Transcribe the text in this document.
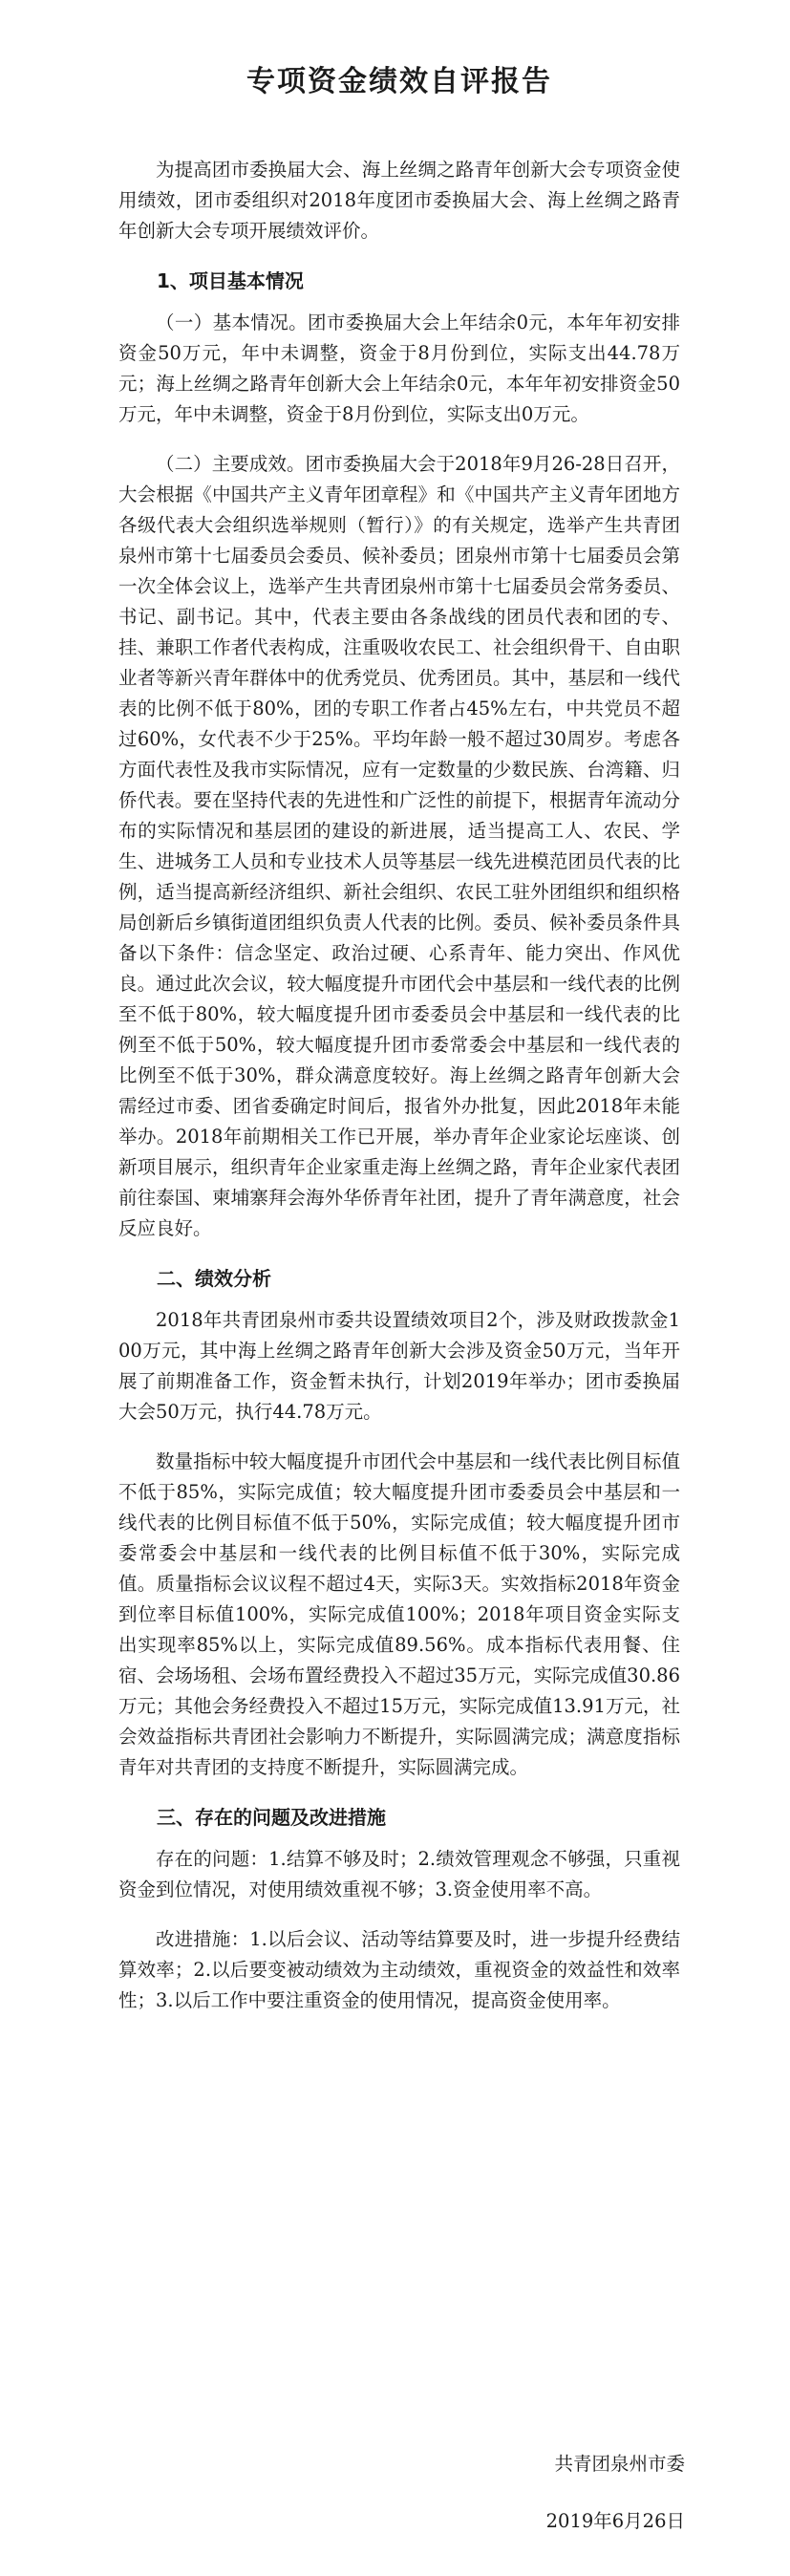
专项资金绩效自评报告

为提高团市委换届大会、海上丝绸之路青年创新大会专项资金使用绩效，团市委组织对2018年度团市委换届大会、海上丝绸之路青年创新大会专项开展绩效评价。

1、项目基本情况

（一）基本情况。团市委换届大会上年结余0元，本年年初安排资金50万元，年中未调整，资金于8月份到位，实际支出44.78万元；海上丝绸之路青年创新大会上年结余0元，本年年初安排资金50万元，年中未调整，资金于8月份到位，实际支出0万元。

（二）主要成效。团市委换届大会于2018年9月26-28日召开，大会根据《中国共产主义青年团章程》和《中国共产主义青年团地方各级代表大会组织选举规则（暂行）》的有关规定，选举产生共青团泉州市第十七届委员会委员、候补委员；团泉州市第十七届委员会第一次全体会议上，选举产生共青团泉州市第十七届委员会常务委员、书记、副书记。其中，代表主要由各条战线的团员代表和团的专、挂、兼职工作者代表构成，注重吸收农民工、社会组织骨干、自由职业者等新兴青年群体中的优秀党员、优秀团员。其中，基层和一线代表的比例不低于80%，团的专职工作者占45%左右，中共党员不超过60%，女代表不少于25%。平均年龄一般不超过30周岁。考虑各方面代表性及我市实际情况，应有一定数量的少数民族、台湾籍、归侨代表。要在坚持代表的先进性和广泛性的前提下，根据青年流动分布的实际情况和基层团的建设的新进展，适当提高工人、农民、学生、进城务工人员和专业技术人员等基层一线先进模范团员代表的比例，适当提高新经济组织、新社会组织、农民工驻外团组织和组织格局创新后乡镇街道团组织负责人代表的比例。委员、候补委员条件具备以下条件：信念坚定、政治过硬、心系青年、能力突出、作风优良。通过此次会议，较大幅度提升市团代会中基层和一线代表的比例至不低于80%，较大幅度提升团市委委员会中基层和一线代表的比例至不低于50%，较大幅度提升团市委常委会中基层和一线代表的比例至不低于30%，群众满意度较好。海上丝绸之路青年创新大会需经过市委、团省委确定时间后，报省外办批复，因此2018年未能举办。2018年前期相关工作已开展，举办青年企业家论坛座谈、创新项目展示，组织青年企业家重走海上丝绸之路，青年企业家代表团前往泰国、柬埔寨拜会海外华侨青年社团，提升了青年满意度，社会反应良好。

二、绩效分析

2018年共青团泉州市委共设置绩效项目2个，涉及财政拨款金100万元，其中海上丝绸之路青年创新大会涉及资金50万元，当年开展了前期准备工作，资金暂未执行，计划2019年举办；团市委换届大会50万元，执行44.78万元。

数量指标中较大幅度提升市团代会中基层和一线代表比例目标值不低于85%，实际完成值；较大幅度提升团市委委员会中基层和一线代表的比例目标值不低于50%，实际完成值；较大幅度提升团市委常委会中基层和一线代表的比例目标值不低于30%，实际完成值。质量指标会议议程不超过4天，实际3天。实效指标2018年资金到位率目标值100%，实际完成值100%；2018年项目资金实际支出实现率85%以上，实际完成值89.56%。成本指标代表用餐、住宿、会场场租、会场布置经费投入不超过35万元，实际完成值30.86万元；其他会务经费投入不超过15万元，实际完成值13.91万元，社会效益指标共青团社会影响力不断提升，实际圆满完成；满意度指标青年对共青团的支持度不断提升，实际圆满完成。

三、存在的问题及改进措施

存在的问题：1.结算不够及时；2.绩效管理观念不够强，只重视资金到位情况，对使用绩效重视不够；3.资金使用率不高。

改进措施：1.以后会议、活动等结算要及时，进一步提升经费结算效率；2.以后要变被动绩效为主动绩效，重视资金的效益性和效率性；3.以后工作中要注重资金的使用情况，提高资金使用率。

共青团泉州市委
2019年6月26日
